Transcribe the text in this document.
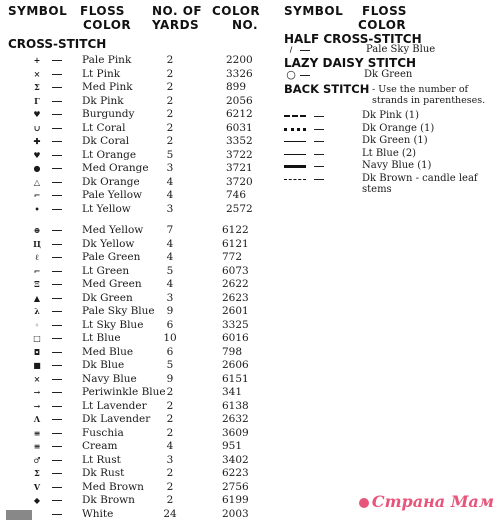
SYMBOL FLOSS
COLOR
NO. OF
YARDS
COLOR
NO.
SYMBOL FLOSS
COLOR
CROSS-STITCH
+	Pale Pink	2	2200
×	Lt Pink	2	3326
Σ	Med Pink	2	899
Γ	Dk Pink	2	2056
♥	Burgundy	2	6212
∪	Lt Coral	2	6031
✚	Dk Coral	2	3352
♥	Lt Orange	5	3722
●	Med Orange	3	3721
△	Dk Orange	4	3720
⌐	Pale Yellow	4	746
•	Lt Yellow	3	2572
⊕	Med Yellow	7	6122
Ц	Dk Yellow	4	6121
ℓ	Pale Green	4	772
⌐	Lt Green	5	6073
Ξ	Med Green	4	2622
▲	Dk Green	3	2623
λ	Pale Sky Blue	9	2601
◦	Lt Sky Blue	6	3325
□	Lt Blue	10	6016
◘	Med Blue	6	798
■	Dk Blue	5	2606
×	Navy Blue	9	6151
→	Periwinkle Blue 2	341
→	Lt Lavender	2	6138
Λ	Dk Lavender	2	2632
≡	Fuschia	2	3609
≡	Cream	4	951
♂	Lt Rust	3	3402
Σ	Dk Rust	2	6223
V	Med Brown	2	2756
◆	Dk Brown	2	6199
White	24	2003
HALF CROSS-STITCH
/	Pale Sky Blue
LAZY DAISY STITCH
○	Dk Green
BACK STITCH - Use the number of strands in parentheses.
Dk Pink (1)
Dk Orange (1)
Dk Green (1)
Lt Blue (2)
Navy Blue (1)
Dk Brown - candle leaf stems
Страна Мам
